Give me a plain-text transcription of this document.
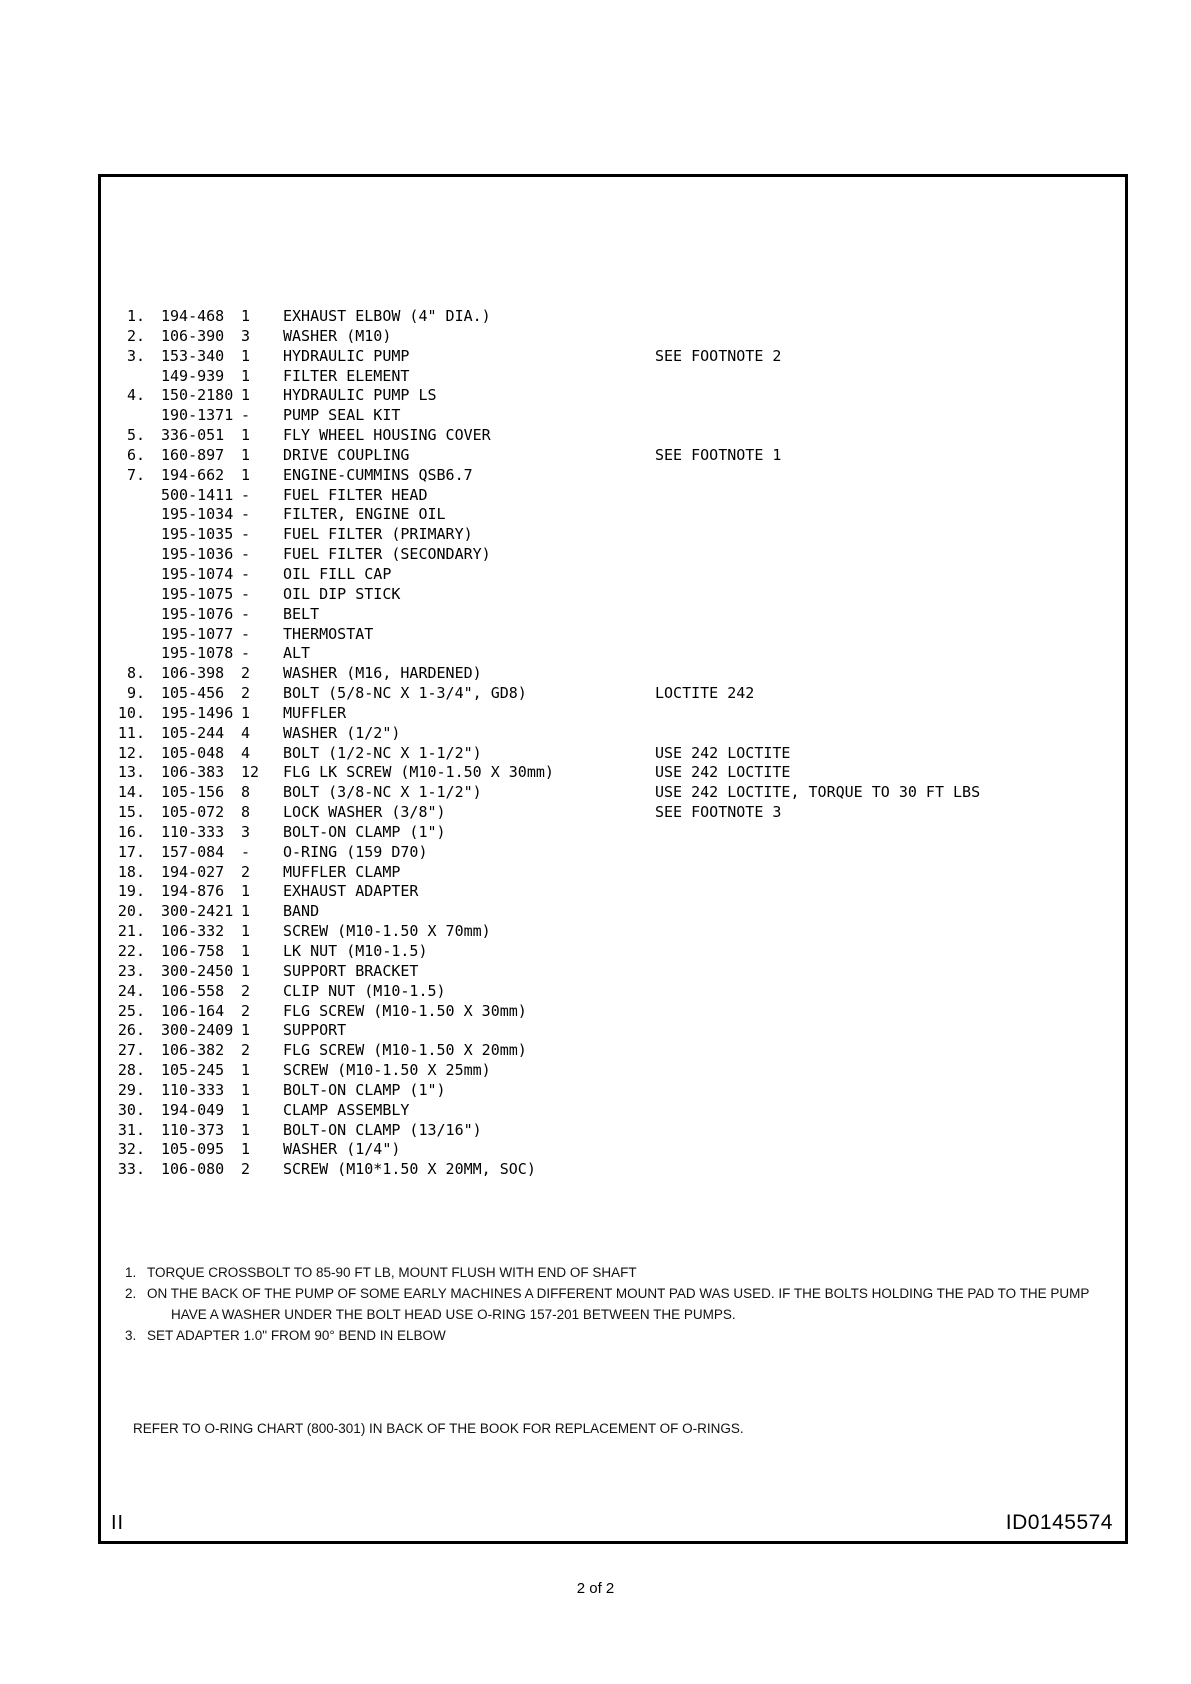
1. 194-468 1 EXHAUST ELBOW (4" DIA.)
2. 106-390 3 WASHER (M10)
3. 153-340 1 HYDRAULIC PUMP	SEE FOOTNOTE 2
149-939 1 FILTER ELEMENT
4. 150-2180 1 HYDRAULIC PUMP LS
190-1371 - PUMP SEAL KIT
5. 336-051 1 FLY WHEEL HOUSING COVER
6. 160-897 1 DRIVE COUPLING	SEE FOOTNOTE 1
7. 194-662 1 ENGINE-CUMMINS QSB6.7
500-1411 - FUEL FILTER HEAD
195-1034 - FILTER, ENGINE OIL
195-1035 - FUEL FILTER (PRIMARY)
195-1036 - FUEL FILTER (SECONDARY)
195-1074 - OIL FILL CAP
195-1075 - OIL DIP STICK
195-1076 - BELT
195-1077 - THERMOSTAT
195-1078 - ALT
8. 106-398 2 WASHER (M16, HARDENED)
9. 105-456 2 BOLT (5/8-NC X 1-3/4", GD8)	LOCTITE 242
10. 195-1496 1 MUFFLER
11. 105-244 4 WASHER (1/2")
12. 105-048 4 BOLT (1/2-NC X 1-1/2")	USE 242 LOCTITE
13. 106-383 12 FLG LK SCREW (M10-1.50 X 30mm)	USE 242 LOCTITE
14. 105-156 8 BOLT (3/8-NC X 1-1/2")	USE 242 LOCTITE, TORQUE TO 30 FT LBS
15. 105-072 8 LOCK WASHER (3/8")	SEE FOOTNOTE 3
16. 110-333 3 BOLT-ON CLAMP (1")
17. 157-084 - O-RING (159 D70)
18. 194-027 2 MUFFLER CLAMP
19. 194-876 1 EXHAUST ADAPTER
20. 300-2421 1 BAND
21. 106-332 1 SCREW (M10-1.50 X 70mm)
22. 106-758 1 LK NUT (M10-1.5)
23. 300-2450 1 SUPPORT BRACKET
24. 106-558 2 CLIP NUT (M10-1.5)
25. 106-164 2 FLG SCREW (M10-1.50 X 30mm)
26. 300-2409 1 SUPPORT
27. 106-382 2 FLG SCREW (M10-1.50 X 20mm)
28. 105-245 1 SCREW (M10-1.50 X 25mm)
29. 110-333 1 BOLT-ON CLAMP (1")
30. 194-049 1 CLAMP ASSEMBLY
31. 110-373 1 BOLT-ON CLAMP (13/16")
32. 105-095 1 WASHER (1/4")
33. 106-080 2 SCREW (M10*1.50 X 20MM, SOC)
1. TORQUE CROSSBOLT TO 85-90 FT LB, MOUNT FLUSH WITH END OF SHAFT
2. ON THE BACK OF THE PUMP OF SOME EARLY MACHINES A DIFFERENT MOUNT PAD WAS USED. IF THE BOLTS HOLDING THE PAD TO THE PUMP
HAVE A WASHER UNDER THE BOLT HEAD USE O-RING 157-201 BETWEEN THE PUMPS.
3. SET ADAPTER 1.0" FROM 90° BEND IN ELBOW
REFER TO O-RING CHART (800-301) IN BACK OF THE BOOK FOR REPLACEMENT OF O-RINGS.
II	ID0145574
2 of 2
